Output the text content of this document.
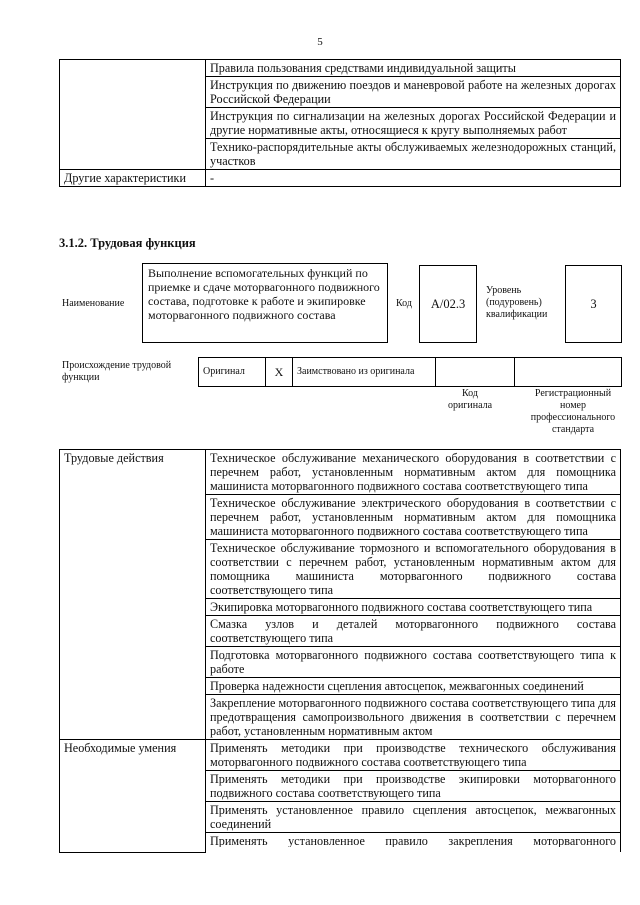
5
	Правила пользования средствами индивидуальной защиты
	Инструкция по движению поездов и маневровой работе на железных дорогах Российской Федерации
	Инструкция по сигнализации на железных дорогах Российской Федерации и другие нормативные акты, относящиеся к кругу выполняемых работ
	Технико-распорядительные акты обслуживаемых железнодорожных станций, участков
Другие характеристики	-
3.1.2. Трудовая функция
Наименование
Выполнение вспомогательных функций по приемке и сдаче моторвагонного подвижного состава, подготовке к работе и экипировке моторвагонного подвижного состава
Код	А/02.3
Уровень (подуровень) квалификации
3
Происхождение трудовой функции
Оригинал	X	Заимствовано из оригинала		
Код оригинала
Регистрационный номер профессионального стандарта
Трудовые действия	Техническое обслуживание механического оборудования в соответствии с перечнем работ, установленным нормативным актом для помощника машиниста моторвагонного подвижного состава соответствующего типа
	Техническое обслуживание электрического оборудования в соответствии с перечнем работ, установленным нормативным актом для помощника машиниста моторвагонного подвижного состава соответствующего типа
	Техническое обслуживание тормозного и вспомогательного оборудования в соответствии с перечнем работ, установленным нормативным актом для помощника машиниста моторвагонного подвижного состава соответствующего типа
	Экипировка моторвагонного подвижного состава соответствующего типа
	Смазка узлов и деталей моторвагонного подвижного состава соответствующего типа
	Подготовка моторвагонного подвижного состава соответствующего типа к работе
	Проверка надежности сцепления автосцепок, межвагонных соединений
	Закрепление моторвагонного подвижного состава соответствующего типа для предотвращения самопроизвольного движения в соответствии с перечнем работ, установленным нормативным актом
Необходимые умения	Применять методики при производстве технического обслуживания моторвагонного подвижного состава соответствующего типа
	Применять методики при производстве экипировки моторвагонного подвижного состава соответствующего типа
	Применять установленное правило сцепления автосцепок, межвагонных соединений

	Применять установленное правило закрепления моторвагонного
